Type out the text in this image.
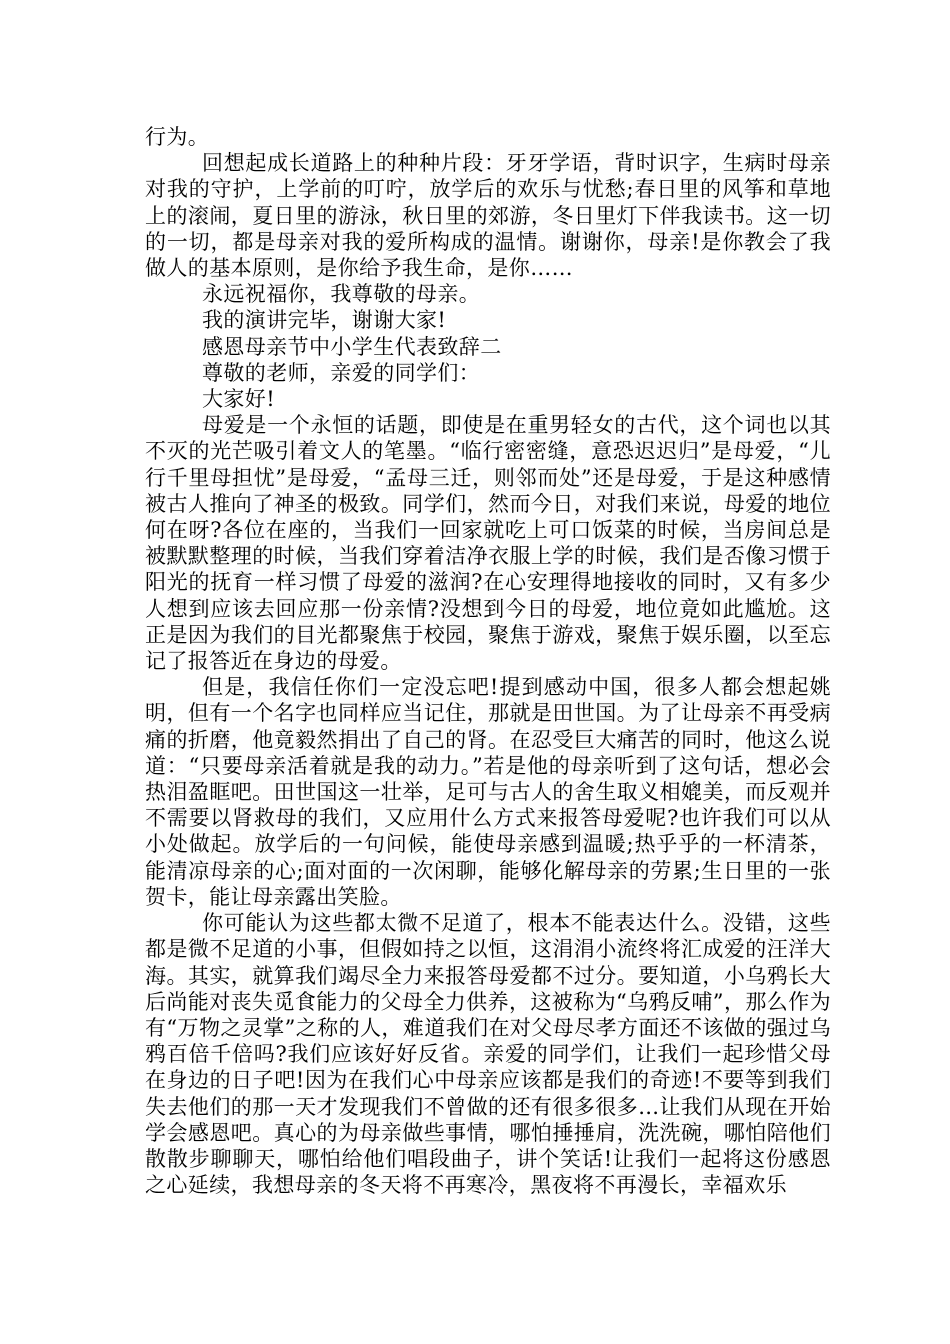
行为。

回想起成长道路上的种种片段：牙牙学语，背时识字，生病时母亲对我的守护，上学前的叮咛，放学后的欢乐与忧愁;春日里的风筝和草地上的滚闹，夏日里的游泳，秋日里的郊游，冬日里灯下伴我读书。这一切的一切，都是母亲对我的爱所构成的温情。谢谢你，母亲!是你教会了我做人的基本原则，是你给予我生命，是你……

永远祝福你，我尊敬的母亲。

我的演讲完毕，谢谢大家!

感恩母亲节中小学生代表致辞二

尊敬的老师，亲爱的同学们：

大家好!

母爱是一个永恒的话题，即使是在重男轻女的古代，这个词也以其不灭的光芒吸引着文人的笔墨。“临行密密缝，意恐迟迟归”是母爱，“儿行千里母担忧”是母爱，“孟母三迁，则邻而处”还是母爱，于是这种感情被古人推向了神圣的极致。同学们，然而今日，对我们来说，母爱的地位何在呀?各位在座的，当我们一回家就吃上可口饭菜的时候，当房间总是被默默整理的时候，当我们穿着洁净衣服上学的时候，我们是否像习惯于阳光的抚育一样习惯了母爱的滋润?在心安理得地接收的同时，又有多少人想到应该去回应那一份亲情?没想到今日的母爱，地位竟如此尴尬。这正是因为我们的目光都聚焦于校园，聚焦于游戏，聚焦于娱乐圈，以至忘记了报答近在身边的母爱。

但是，我信任你们一定没忘吧!提到感动中国，很多人都会想起姚明，但有一个名字也同样应当记住，那就是田世国。为了让母亲不再受病痛的折磨，他竟毅然捐出了自己的肾。在忍受巨大痛苦的同时，他这么说道：“只要母亲活着就是我的动力。”若是他的母亲听到了这句话，想必会热泪盈眶吧。田世国这一壮举，足可与古人的舍生取义相媲美，而反观并不需要以肾救母的我们，又应用什么方式来报答母爱呢?也许我们可以从小处做起。放学后的一句问候，能使母亲感到温暖;热乎乎的一杯清茶，能清凉母亲的心;面对面的一次闲聊，能够化解母亲的劳累;生日里的一张贺卡，能让母亲露出笑脸。

你可能认为这些都太微不足道了，根本不能表达什么。没错，这些都是微不足道的小事，但假如持之以恒，这涓涓小流终将汇成爱的汪洋大海。其实，就算我们竭尽全力来报答母爱都不过分。要知道，小乌鸦长大后尚能对丧失觅食能力的父母全力供养，这被称为“乌鸦反哺”，那么作为有“万物之灵掌”之称的人，难道我们在对父母尽孝方面还不该做的强过乌鸦百倍千倍吗?我们应该好好反省。亲爱的同学们，让我们一起珍惜父母在身边的日子吧!因为在我们心中母亲应该都是我们的奇迹!不要等到我们失去他们的那一天才发现我们不曾做的还有很多很多…让我们从现在开始学会感恩吧。真心的为母亲做些事情，哪怕捶捶肩，洗洗碗，哪怕陪他们散散步聊聊天，哪怕给他们唱段曲子，讲个笑话!让我们一起将这份感恩之心延续，我想母亲的冬天将不再寒冷，黑夜将不再漫长，幸福欢乐
